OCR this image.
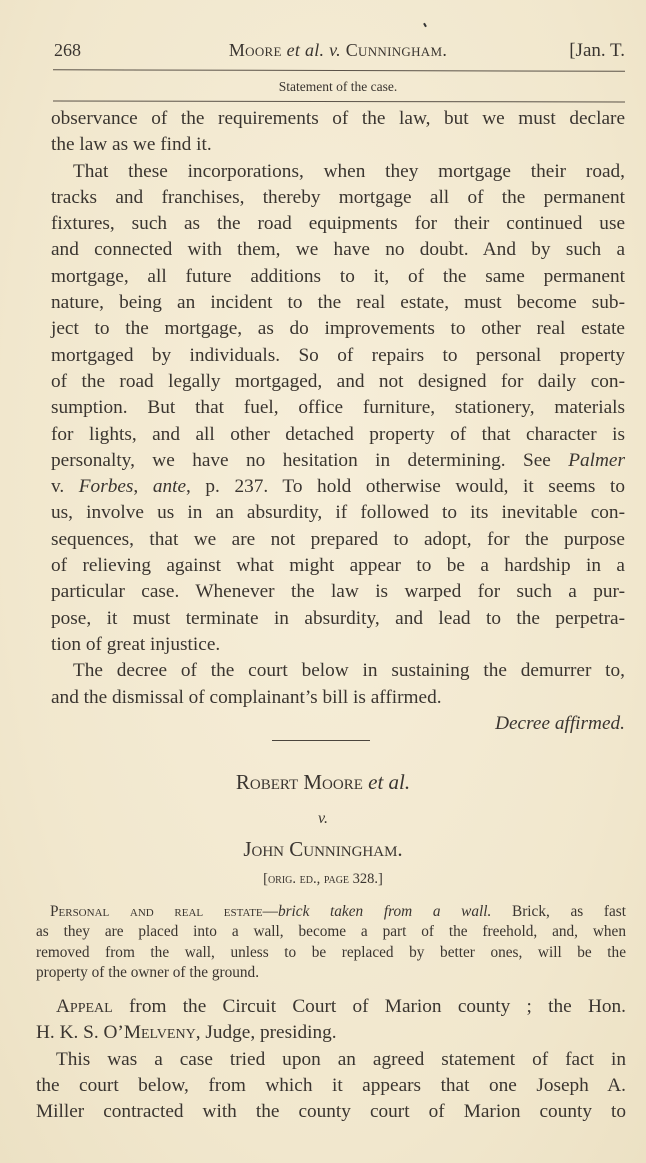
268	Moore et al. v. Cunningham.	[Jan. T.
Statement of the case.
observance of the requirements of the law, but we must declare
the law as we find it.
That these incorporations, when they mortgage their road,
tracks and franchises, thereby mortgage all of the permanent
fixtures, such as the road equipments for their continued use
and connected with them, we have no doubt. And by such a
mortgage, all future additions to it, of the same permanent
nature, being an incident to the real estate, must become sub-
ject to the mortgage, as do improvements to other real estate
mortgaged by individuals. So of repairs to personal property
of the road legally mortgaged, and not designed for daily con-
sumption. But that fuel, office furniture, stationery, materials
for lights, and all other detached property of that character is
personalty, we have no hesitation in determining. See Palmer
v. Forbes, ante, p. 237. To hold otherwise would, it seems to
us, involve us in an absurdity, if followed to its inevitable con-
sequences, that we are not prepared to adopt, for the purpose
of relieving against what might appear to be a hardship in a
particular case. Whenever the law is warped for such a pur-
pose, it must terminate in absurdity, and lead to the perpetra-
tion of great injustice.
The decree of the court below in sustaining the demurrer to,
and the dismissal of complainant’s bill is affirmed.
Decree affirmed.
Robert Moore et al.
v.
John Cunningham.
[orig. ed., page 328.]
Personal and real estate—brick taken from a wall. Brick, as fast
as they are placed into a wall, become a part of the freehold, and, when
removed from the wall, unless to be replaced by better ones, will be the
property of the owner of the ground.
Appeal from the Circuit Court of Marion county ; the Hon.
H. K. S. O’Melveny, Judge, presiding.
This was a case tried upon an agreed statement of fact in
the court below, from which it appears that one Joseph A.
Miller contracted with the county court of Marion county to
